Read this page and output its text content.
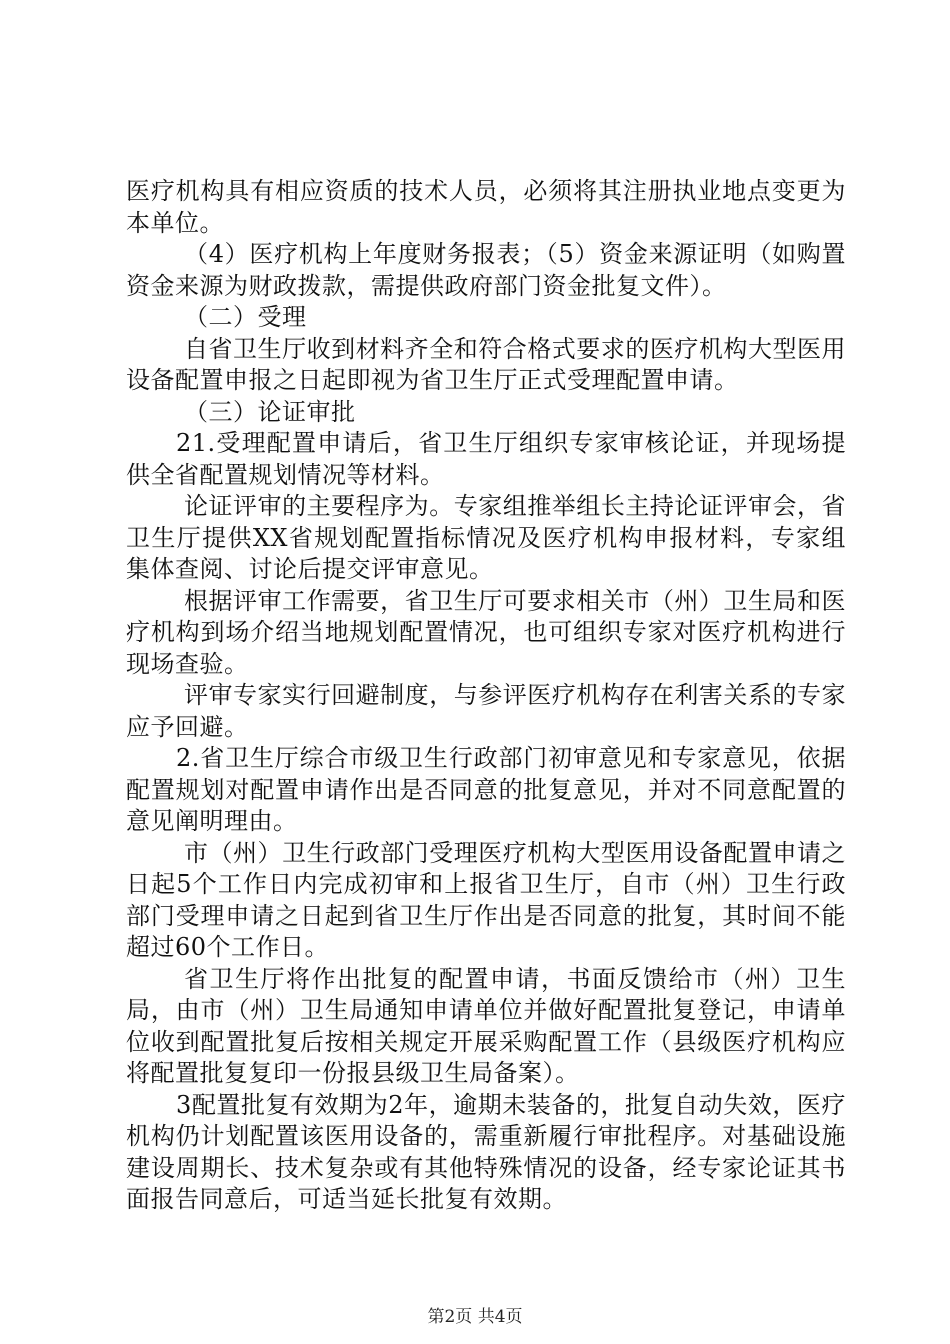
医疗机构具有相应资质的技术人员，必须将其注册执业地点变更为本单位。

（4）医疗机构上年度财务报表；（5）资金来源证明（如购置资金来源为财政拨款，需提供政府部门资金批复文件）。

（二）受理

自省卫生厅收到材料齐全和符合格式要求的医疗机构大型医用设备配置申报之日起即视为省卫生厅正式受理配置申请。

（三）论证审批

21.受理配置申请后，省卫生厅组织专家审核论证，并现场提供全省配置规划情况等材料。

论证评审的主要程序为。专家组推举组长主持论证评审会，省卫生厅提供XX省规划配置指标情况及医疗机构申报材料，专家组集体查阅、讨论后提交评审意见。

根据评审工作需要，省卫生厅可要求相关市（州）卫生局和医疗机构到场介绍当地规划配置情况，也可组织专家对医疗机构进行现场查验。

评审专家实行回避制度，与参评医疗机构存在利害关系的专家应予回避。

2.省卫生厅综合市级卫生行政部门初审意见和专家意见，依据配置规划对配置申请作出是否同意的批复意见，并对不同意配置的意见阐明理由。

市（州）卫生行政部门受理医疗机构大型医用设备配置申请之日起5个工作日内完成初审和上报省卫生厅，自市（州）卫生行政部门受理申请之日起到省卫生厅作出是否同意的批复，其时间不能超过60个工作日。

省卫生厅将作出批复的配置申请，书面反馈给市（州）卫生局，由市（州）卫生局通知申请单位并做好配置批复登记，申请单位收到配置批复后按相关规定开展采购配置工作（县级医疗机构应将配置批复复印一份报县级卫生局备案）。

3配置批复有效期为2年，逾期未装备的，批复自动失效，医疗机构仍计划配置该医用设备的，需重新履行审批程序。对基础设施建设周期长、技术复杂或有其他特殊情况的设备，经专家论证其书面报告同意后，可适当延长批复有效期。

第2页 共4页
